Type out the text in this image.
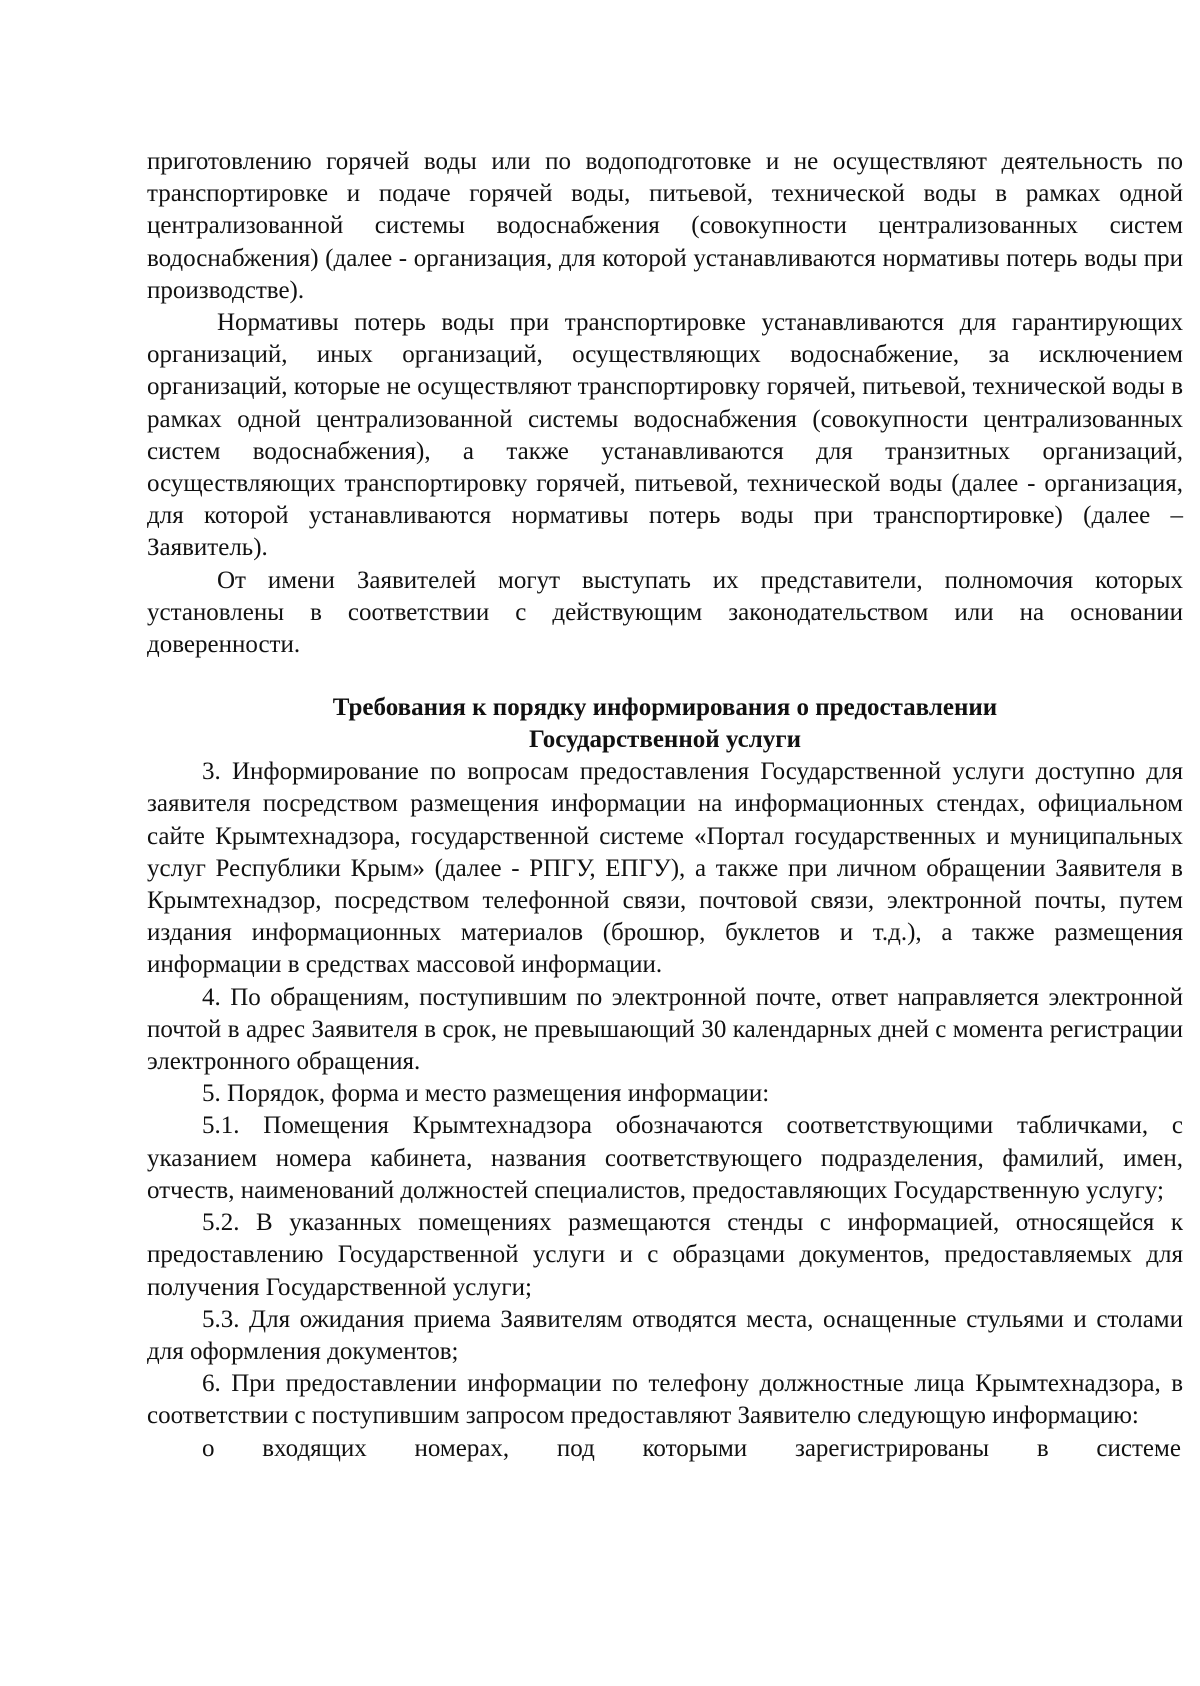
приготовлению горячей воды или по водоподготовке и не осуществляют деятельность по транспортировке и подаче горячей воды, питьевой, технической воды в рамках одной централизованной системы водоснабжения (совокупности централизованных систем водоснабжения) (далее - организация, для которой устанавливаются нормативы потерь воды при производстве).

Нормативы потерь воды при транспортировке устанавливаются для гарантирующих организаций, иных организаций, осуществляющих водоснабжение, за исключением организаций, которые не осуществляют транспортировку горячей, питьевой, технической воды в рамках одной централизованной системы водоснабжения (совокупности централизованных систем водоснабжения), а также устанавливаются для транзитных организаций, осуществляющих транспортировку горячей, питьевой, технической воды (далее - организация, для которой устанавливаются нормативы потерь воды при транспортировке) (далее – Заявитель).

От имени Заявителей могут выступать их представители, полномочия которых установлены в соответствии с действующим законодательством или на основании доверенности.

Требования к порядку информирования о предоставлении
Государственной услуги

3. Информирование по вопросам предоставления Государственной услуги доступно для заявителя посредством размещения информации на информационных стендах, официальном сайте Крымтехнадзора, государственной системе «Портал государственных и муниципальных услуг Республики Крым» (далее - РПГУ, ЕПГУ), а также при личном обращении Заявителя в Крымтехнадзор, посредством телефонной связи, почтовой связи, электронной почты, путем издания информационных материалов (брошюр, буклетов и т.д.), а также размещения информации в средствах массовой информации.

4. По обращениям, поступившим по электронной почте, ответ направляется электронной почтой в адрес Заявителя в срок, не превышающий 30 календарных дней с момента регистрации электронного обращения.

5. Порядок, форма и место размещения информации:

5.1. Помещения Крымтехнадзора обозначаются соответствующими табличками, с указанием номера кабинета, названия соответствующего подразделения, фамилий, имен, отчеств, наименований должностей специалистов, предоставляющих Государственную услугу;

5.2. В указанных помещениях размещаются стенды с информацией, относящейся к предоставлению Государственной услуги и с образцами документов, предоставляемых для получения Государственной услуги;

5.3. Для ожидания приема Заявителям отводятся места, оснащенные стульями и столами для оформления документов;

6. При предоставлении информации по телефону должностные лица Крымтехнадзора, в соответствии с поступившим запросом предоставляют Заявителю следующую информацию:

о входящих номерах, под которыми зарегистрированы в системе
